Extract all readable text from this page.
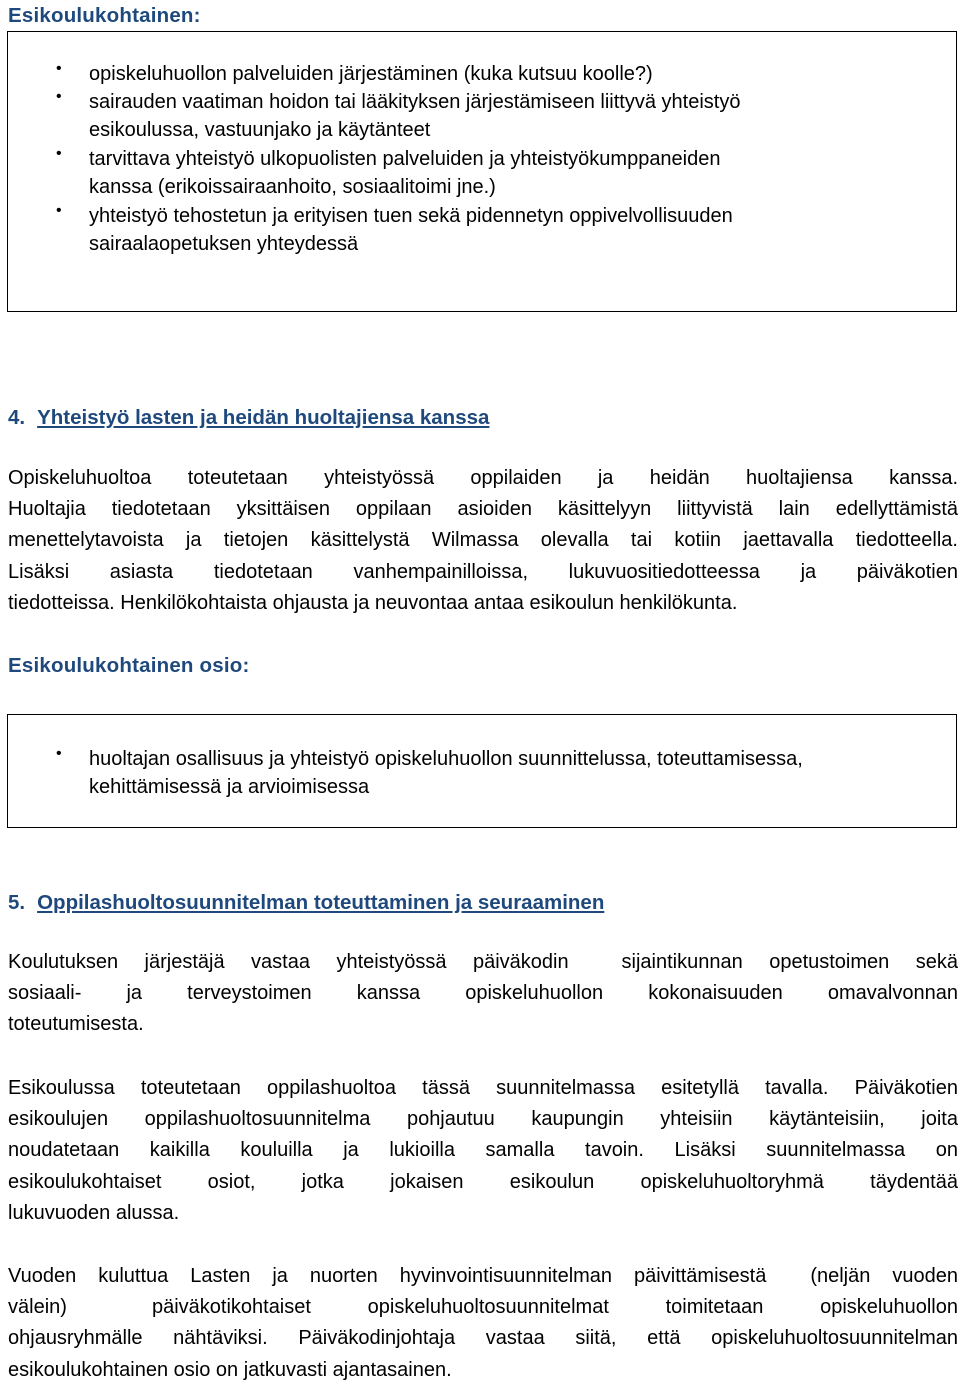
Esikoulukohtainen:
• opiskeluhuollon palveluiden järjestäminen (kuka kutsuu koolle?)
• sairauden vaatiman hoidon tai lääkityksen järjestämiseen liittyvä yhteistyö
esikoulussa, vastuunjako ja käytänteet
• tarvittava yhteistyö ulkopuolisten palveluiden ja yhteistyökumppaneiden
kanssa (erikoissairaanhoito, sosiaalitoimi jne.)
• yhteistyö tehostetun ja erityisen tuen sekä pidennetyn oppivelvollisuuden
sairaalaopetuksen yhteydessä
4. Yhteistyö lasten ja heidän huoltajiensa kanssa
Opiskeluhuoltoa toteutetaan yhteistyössä oppilaiden ja heidän huoltajiensa kanssa.
Huoltajia tiedotetaan yksittäisen oppilaan asioiden käsittelyyn liittyvistä lain edellyttämistä
menettelytavoista ja tietojen käsittelystä Wilmassa olevalla tai kotiin jaettavalla tiedotteella.
Lisäksi asiasta tiedotetaan vanhempainilloissa, lukuvuositiedotteessa ja päiväkotien
tiedotteissa. Henkilökohtaista ohjausta ja neuvontaa antaa esikoulun henkilökunta.
Esikoulukohtainen osio:
• huoltajan osallisuus ja yhteistyö opiskeluhuollon suunnittelussa, toteuttamisessa,
kehittämisessä ja arvioimisessa
5. Oppilashuoltosuunnitelman toteuttaminen ja seuraaminen
Koulutuksen järjestäjä vastaa yhteistyössä päiväkodin  sijaintikunnan opetustoimen sekä
sosiaali-  ja  terveystoimen  kanssa  opiskeluhuollon  kokonaisuuden  omavalvonnan
toteutumisesta.
Esikoulussa toteutetaan oppilashuoltoa tässä suunnitelmassa esitetyllä tavalla. Päiväkotien
esikoulujen oppilashuoltosuunnitelma pohjautuu kaupungin yhteisiin käytänteisiin, joita
noudatetaan kaikilla kouluilla ja lukioilla samalla tavoin. Lisäksi suunnitelmassa on
esikoulukohtaiset osiot, jotka jokaisen esikoulun opiskeluhuoltoryhmä täydentää
lukuvuoden alussa.
Vuoden kuluttua Lasten ja nuorten hyvinvointisuunnitelman päivittämisestä  (neljän vuoden
välein)   päiväkotikohtaiset  opiskeluhuoltosuunnitelmat  toimitetaan  opiskeluhuollon
ohjausryhmälle nähtäviksi. Päiväkodinjohtaja vastaa siitä, että opiskeluhuoltosuunnitelman
esikoulukohtainen osio on jatkuvasti ajantasainen.
